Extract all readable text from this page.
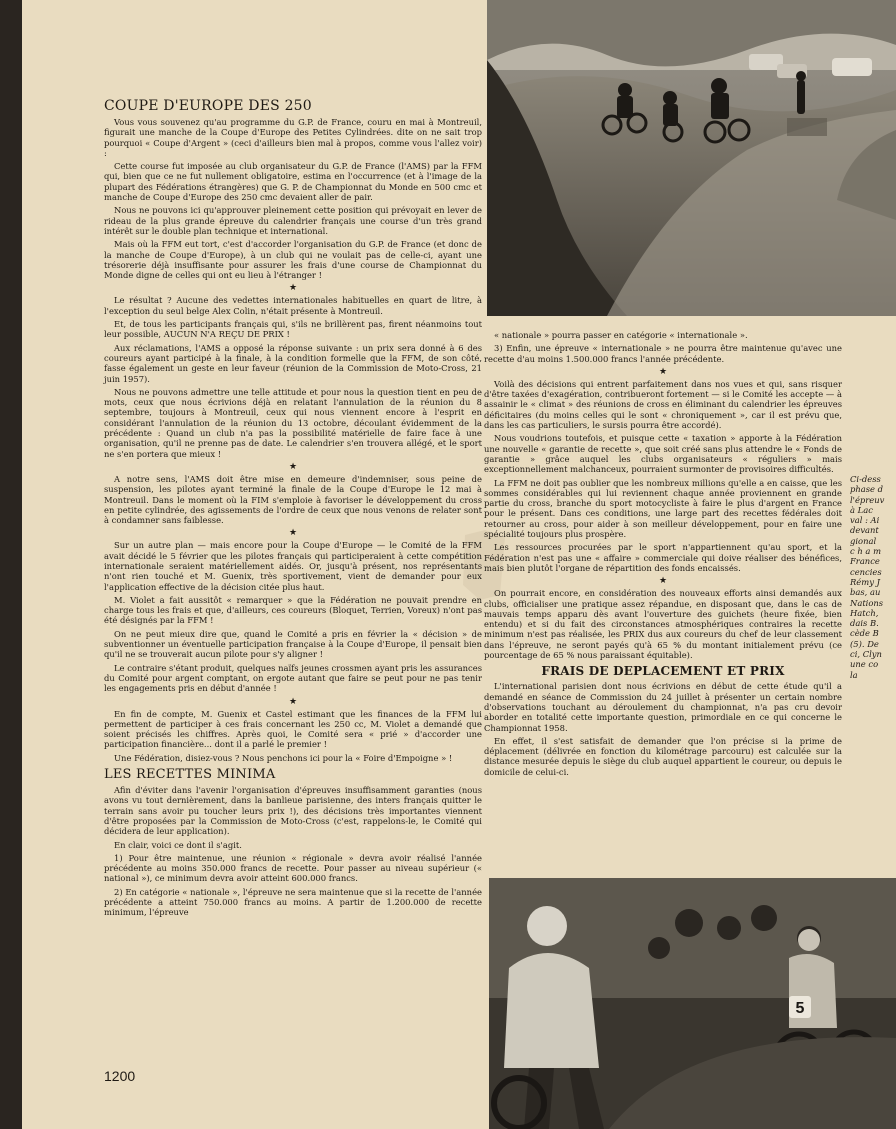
5
COUPE D'EUROPE DES 250

Vous vous souvenez qu'au programme du G.P. de France, couru en mai à Montreuil, figurait une manche de la Coupe d'Europe des Petites Cylindrées. dite on ne sait trop pourquoi « Coupe d'Argent » (ceci d'ailleurs bien mal à propos, comme vous l'allez voir) :

Cette course fut imposée au club organisateur du G.P. de France (l'AMS) par la FFM qui, bien que ce ne fut nullement obligatoire, estima en l'occurrence (et à l'image de la plupart des Fédérations étrangères) que G. P. de Championnat du Monde en 500 cmc et manche de Coupe d'Europe des 250 cmc devaient aller de pair.

Nous ne pouvons ici qu'approuver pleinement cette position qui prévoyait en lever de rideau de la plus grande épreuve du calendrier français une course d'un très grand intérêt sur le double plan technique et international.

Mais où la FFM eut tort, c'est d'accorder l'organisation du G.P. de France (et donc de la manche de Coupe d'Europe), à un club qui ne voulait pas de celle-ci, ayant une trésorerie déjà insuffisante pour assurer les frais d'une course de Championnat du Monde digne de celles qui ont eu lieu à l'étranger !

★

Le résultat ? Aucune des vedettes internationales habituelles en quart de litre, à l'exception du seul belge Alex Colin, n'était présente à Montreuil.

Et, de tous les participants français qui, s'ils ne brillèrent pas, firent néanmoins tout leur possible, AUCUN N'A REÇU DE PRIX !

Aux réclamations, l'AMS a opposé la réponse suivante : un prix sera donné à 6 des coureurs ayant participé à la finale, à la condition formelle que la FFM, de son côté, fasse également un geste en leur faveur (réunion de la Commission de Moto-Cross, 21 juin 1957).

Nous ne pouvons admettre une telle attitude et pour nous la question tient en peu de mots, ceux que nous écrivions déjà en relatant l'annulation de la réunion du 8 septembre, toujours à Montreuil, ceux qui nous viennent encore à l'esprit en considérant l'annulation de la réunion du 13 octobre, découlant évidemment de la précédente : Quand un club n'a pas la possibilité matérielle de faire face à une organisation, qu'il ne prenne pas de date. Le calendrier s'en trouvera allégé, et le sport ne s'en portera que mieux !

★

A notre sens, l'AMS doit être mise en demeure d'indemniser, sous peine de suspension, les pilotes ayant terminé la finale de la Coupe d'Europe le 12 mai à Montreuil. Dans le moment où la FIM s'emploie à favoriser le développement du cross en petite cylindrée, des agissements de l'ordre de ceux que nous venons de relater sont à condamner sans faiblesse.

★

Sur un autre plan — mais encore pour la Coupe d'Europe — le Comité de la FFM avait décidé le 5 février que les pilotes français qui participeraient à cette compétition internationale seraient matériellement aidés. Or, jusqu'à présent, nos représentants n'ont rien touché et M. Guenix, très sportivement, vient de demander pour eux l'application effective de la décision citée plus haut.

M. Violet a fait aussitôt « remarquer » que la Fédération ne pouvait prendre en charge tous les frais et que, d'ailleurs, ces coureurs (Bloquet, Terrien, Voreux) n'ont pas été désignés par la FFM !

On ne peut mieux dire que, quand le Comité a pris en février la « décision » de subventionner un éventuelle participation française à la Coupe d'Europe, il pensait bien qu'il ne se trouverait aucun pilote pour s'y aligner !

Le contraire s'étant produit, quelques naïfs jeunes crossmen ayant pris les assurances du Comité pour argent comptant, on ergote autant que faire se peut pour ne pas tenir les engagements pris en début d'année !

★

En fin de compte, M. Guenix et Castel estimant que les finances de la FFM lui permettent de participer à ces frais concernant les 250 cc, M. Violet a demandé que soient précisés les chiffres. Après quoi, le Comité sera « prié » d'accorder une participation financière... dont il a parlé le premier !

Une Fédération, disiez-vous ? Nous penchons ici pour la « Foire d'Empoigne » !

LES RECETTES MINIMA

Afin d'éviter dans l'avenir l'organisation d'épreuves insuffisamment garanties (nous avons vu tout dernièrement, dans la banlieue parisienne, des inters français quitter le terrain sans avoir pu toucher leurs prix !), des décisions très importantes viennent d'être proposées par la Commission de Moto-Cross (c'est, rappelons-le, le Comité qui décidera de leur application).

En clair, voici ce dont il s'agit.

1) Pour être maintenue, une réunion « régionale » devra avoir réalisé l'année précédente au moins 350.000 francs de recette. Pour passer au niveau supérieur (« national »), ce minimum devra avoir atteint 600.000 francs.

2) En catégorie « nationale », l'épreuve ne sera maintenue que si la recette de l'année précédente a atteint 750.000 francs au moins. A partir de 1.200.000 de recette minimum, l'épreuve

« nationale » pourra passer en catégorie « internationale ».

3) Enfin, une épreuve « internationale » ne pourra être maintenue qu'avec une recette d'au moins 1.500.000 francs l'année précédente.

★

Voilà des décisions qui entrent parfaitement dans nos vues et qui, sans risquer d'être taxées d'exagération, contribueront fortement — si le Comité les accepte — à assainir le « climat » des réunions de cross en éliminant du calendrier les épreuves déficitaires (du moins celles qui le sont « chroniquement », car il est prévu que, dans les cas particuliers, le sursis pourra être accordé).

Nous voudrions toutefois, et puisque cette « taxation » apporte à la Fédération une nouvelle « garantie de recette », que soit créé sans plus attendre le « Fonds de garantie » grâce auquel les clubs organisateurs « réguliers » mais exceptionnellement malchanceux, pourraient surmonter de provisoires difficultés.

La FFM ne doit pas oublier que les nombreux millions qu'elle a en caisse, que les sommes considérables qui lui reviennent chaque année proviennent en grande partie du cross, branche du sport motocycliste à faire le plus d'argent en France pour le présent. Dans ces conditions, une large part des recettes fédérales doit retourner au cross, pour aider à son meilleur développement, pour en faire une spécialité toujours plus prospère.

Les ressources procurées par le sport n'appartiennent qu'au sport, et la Fédération n'est pas une « affaire » commerciale qui doive réaliser des bénéfices, mais bien plutôt l'organe de répartition des fonds encaissés.

★

On pourrait encore, en considération des nouveaux efforts ainsi demandés aux clubs, officialiser une pratique assez répandue, en disposant que, dans le cas de mauvais temps apparu dès avant l'ouverture des guichets (heure fixée, bien entendu) et si du fait des circonstances atmosphériques contraires la recette minimum n'est pas réalisée, les PRIX dus aux coureurs du chef de leur classement dans l'épreuve, ne seront payés qu'à 65 % du montant initialement prévu (ce pourcentage de 65 % nous paraissant équitable).

FRAIS DE DEPLACEMENT ET PRIX

L'international parisien dont nous écrivions en début de cette étude qu'il a demandé en séance de Commission du 24 juillet à présenter un certain nombre d'observations touchant au déroulement du championnat, n'a pas cru devoir aborder en totalité cette importante question, primordiale en ce qui concerne le Championnat 1958.

En effet, il s'est satisfait de demander que l'on précise si la prime de déplacement (délivrée en fonction du kilométrage parcouru) est calculée sur la distance mesurée depuis le siège du club auquel appartient le coureur, ou depuis le domicile de celui-ci.

Ci-dess
phase d
l'épreuv
à Lac
val : Ai
devant
gional
c h a m
France
cencies
Rémy J
bas, au
Nations
Hatch,
dais B.
cède B
(5). De
ci, Clyn
une co
la
1200
